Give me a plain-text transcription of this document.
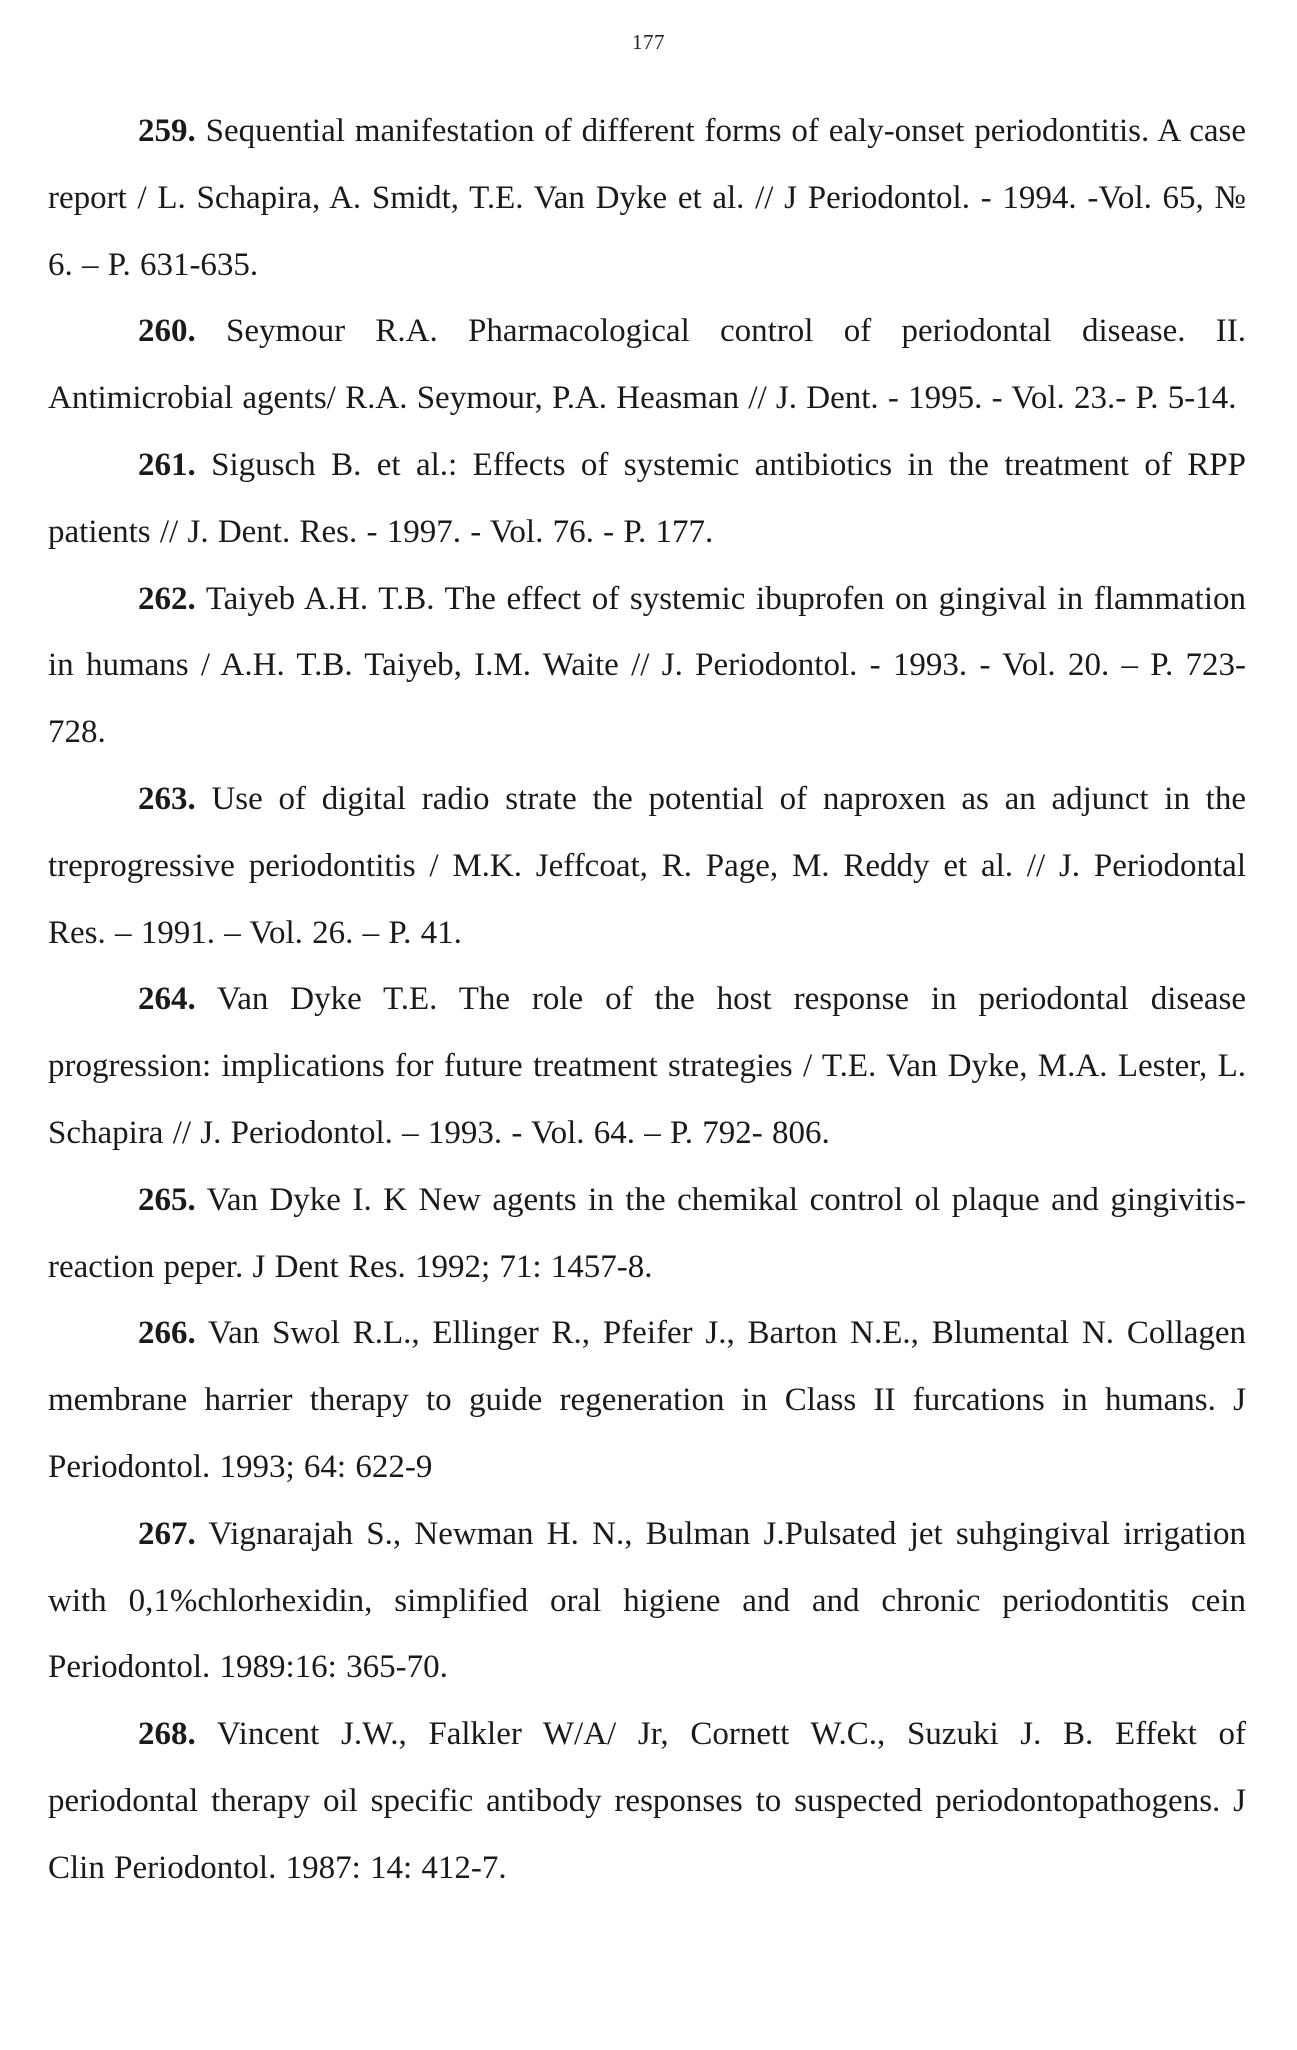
177

259. Sequential manifestation of different forms of ealy-onset periodontitis. A case report / L. Schapira, A. Smidt, T.E. Van Dyke et al. // J Periodontol. - 1994. -Vol. 65, № 6. – P. 631-635.

260. Seymour R.A. Pharmacological control of periodontal disease. II. Antimicrobial agents/ R.A. Seymour, P.A. Heasman // J. Dent. - 1995. - Vol. 23.- P. 5-14.

261. Sigusch B. et al.: Effects of systemic antibiotics in the treatment of RPP patients // J. Dent. Res. - 1997. - Vol. 76. - P. 177.

262. Taiyeb A.H. T.B. The effect of systemic ibuprofen on gingival in flammation in humans / A.H. T.B. Taiyeb, I.M. Waite // J. Periodontol. - 1993. - Vol. 20. – P. 723-728.

263. Use of digital radio strate the potential of naproxen as an adjunct in the treprogressive periodontitis / M.K. Jeffcoat, R. Page, M. Reddy et al. // J. Periodontal Res. – 1991. – Vol. 26. – P. 41.

264. Van Dyke T.E. The role of the host response in periodontal disease progression: implications for future treatment strategies / T.E. Van Dyke, M.A. Lester, L. Schapira // J. Periodontol. – 1993. - Vol. 64. – P. 792- 806.

265. Van Dyke I. K New agents in the chemikal control ol plaque and gingivitis-reaction peper. J Dent Res. 1992; 71: 1457-8.

266. Van Swol R.L., Ellinger R., Pfeifer J., Barton N.E., Blumental N. Collagen membrane harrier therapy to guide regeneration in Class II furcations in humans. J Periodontol. 1993; 64: 622-9

267. Vignarajah S., Newman H. N., Bulman J.Pulsated jet suhgingival irrigation with 0,1%chlorhexidin, simplified oral higiene and and chronic periodontitis cein Periodontol. 1989:16: 365-70.

268. Vincent J.W., Falkler W/A/ Jr, Cornett W.C., Suzuki J. B. Effekt of periodontal therapy oil specific antibody responses to suspected periodontopathogens. J Clin Periodontol. 1987: 14: 412-7.
